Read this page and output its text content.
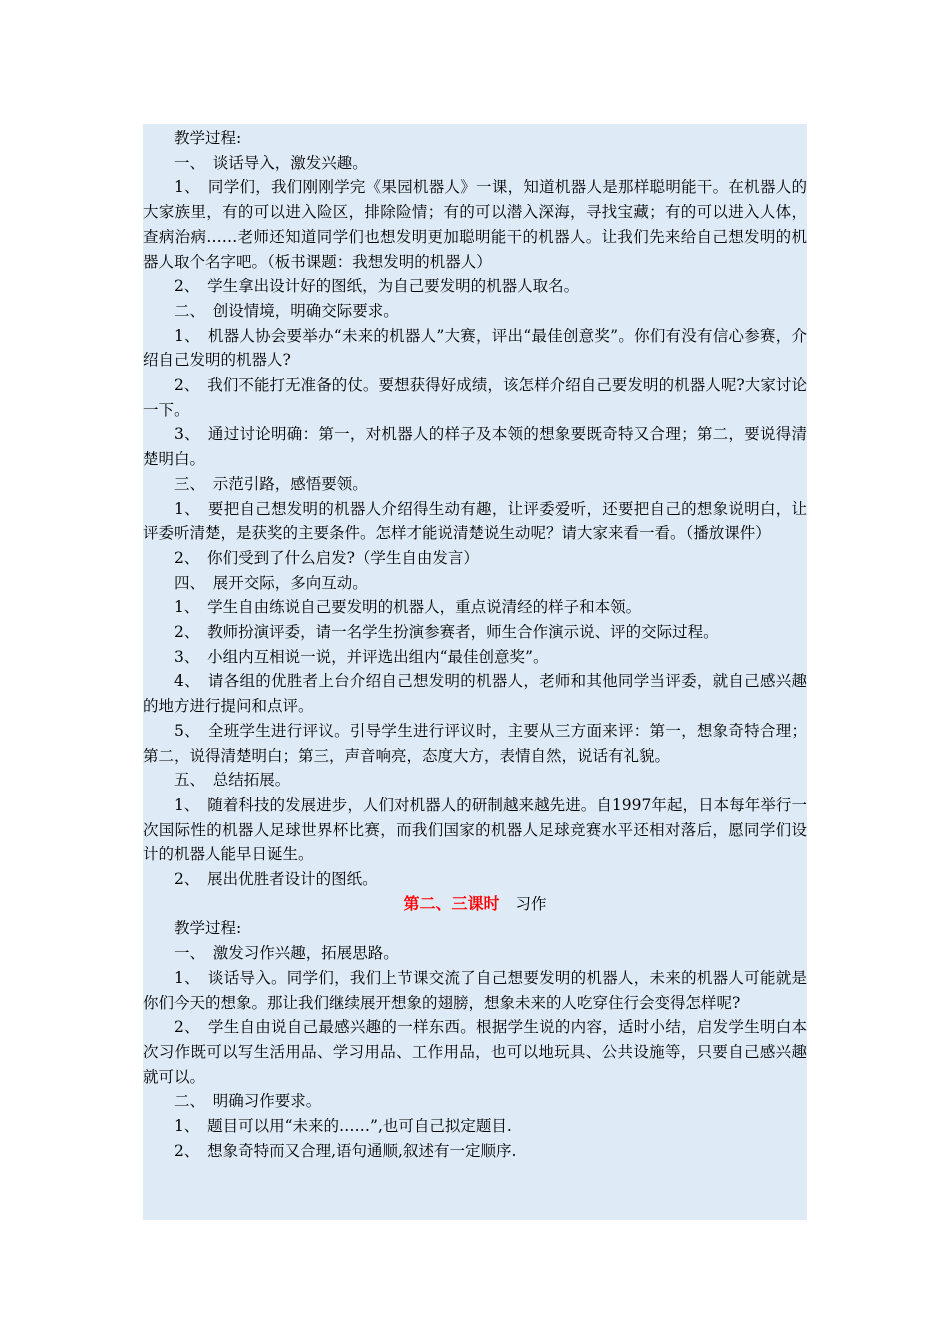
教学过程:

一、　谈话导入，激发兴趣。

1、　同学们，我们刚刚学完《果园机器人》一课，知道机器人是那样聪明能干。在机器人的大家族里，有的可以进入险区，排除险情；有的可以潜入深海，寻找宝藏；有的可以进入人体，查病治病……老师还知道同学们也想发明更加聪明能干的机器人。让我们先来给自己想发明的机器人取个名字吧。（板书课题：我想发明的机器人）

2、　学生拿出设计好的图纸，为自己要发明的机器人取名。

二、　创设情境，明确交际要求。

1、　机器人协会要举办“未来的机器人”大赛，评出“最佳创意奖”。你们有没有信心参赛，介绍自己发明的机器人?

2、　我们不能打无准备的仗。要想获得好成绩，该怎样介绍自己要发明的机器人呢?大家讨论一下。

3、　通过讨论明确：第一，对机器人的样子及本领的想象要既奇特又合理；第二，要说得清楚明白。

三、　示范引路，感悟要领。

1、　要把自己想发明的机器人介绍得生动有趣，让评委爱听，还要把自己的想象说明白，让评委听清楚，是获奖的主要条件。怎样才能说清楚说生动呢？请大家来看一看。（播放课件）

2、　你们受到了什么启发?（学生自由发言）

四、　展开交际，多向互动。

1、　学生自由练说自己要发明的机器人，重点说清经的样子和本领。

2、　教师扮演评委，请一名学生扮演参赛者，师生合作演示说、评的交际过程。

3、　小组内互相说一说，并评选出组内“最佳创意奖”。

4、　请各组的优胜者上台介绍自己想发明的机器人，老师和其他同学当评委，就自己感兴趣的地方进行提问和点评。

5、　全班学生进行评议。引导学生进行评议时，主要从三方面来评：第一，想象奇特合理；第二，说得清楚明白；第三，声音响亮，态度大方，表情自然，说话有礼貌。

五、　总结拓展。

1、　随着科技的发展进步，人们对机器人的研制越来越先进。自1997年起，日本每年举行一次国际性的机器人足球世界杯比赛，而我们国家的机器人足球竞赛水平还相对落后，愿同学们设计的机器人能早日诞生。

2、　展出优胜者设计的图纸。

第二、三课时 习作

教学过程:

一、　激发习作兴趣，拓展思路。

1、　谈话导入。同学们，我们上节课交流了自己想要发明的机器人，未来的机器人可能就是你们今天的想象。那让我们继续展开想象的翅膀，想象未来的人吃穿住行会变得怎样呢?

2、　学生自由说自己最感兴趣的一样东西。根据学生说的内容，适时小结，启发学生明白本次习作既可以写生活用品、学习用品、工作用品，也可以地玩具、公共设施等，只要自己感兴趣就可以。

二、　明确习作要求。

1、　题目可以用“未来的……”,也可自己拟定题目.

2、　想象奇特而又合理,语句通顺,叙述有一定顺序.
